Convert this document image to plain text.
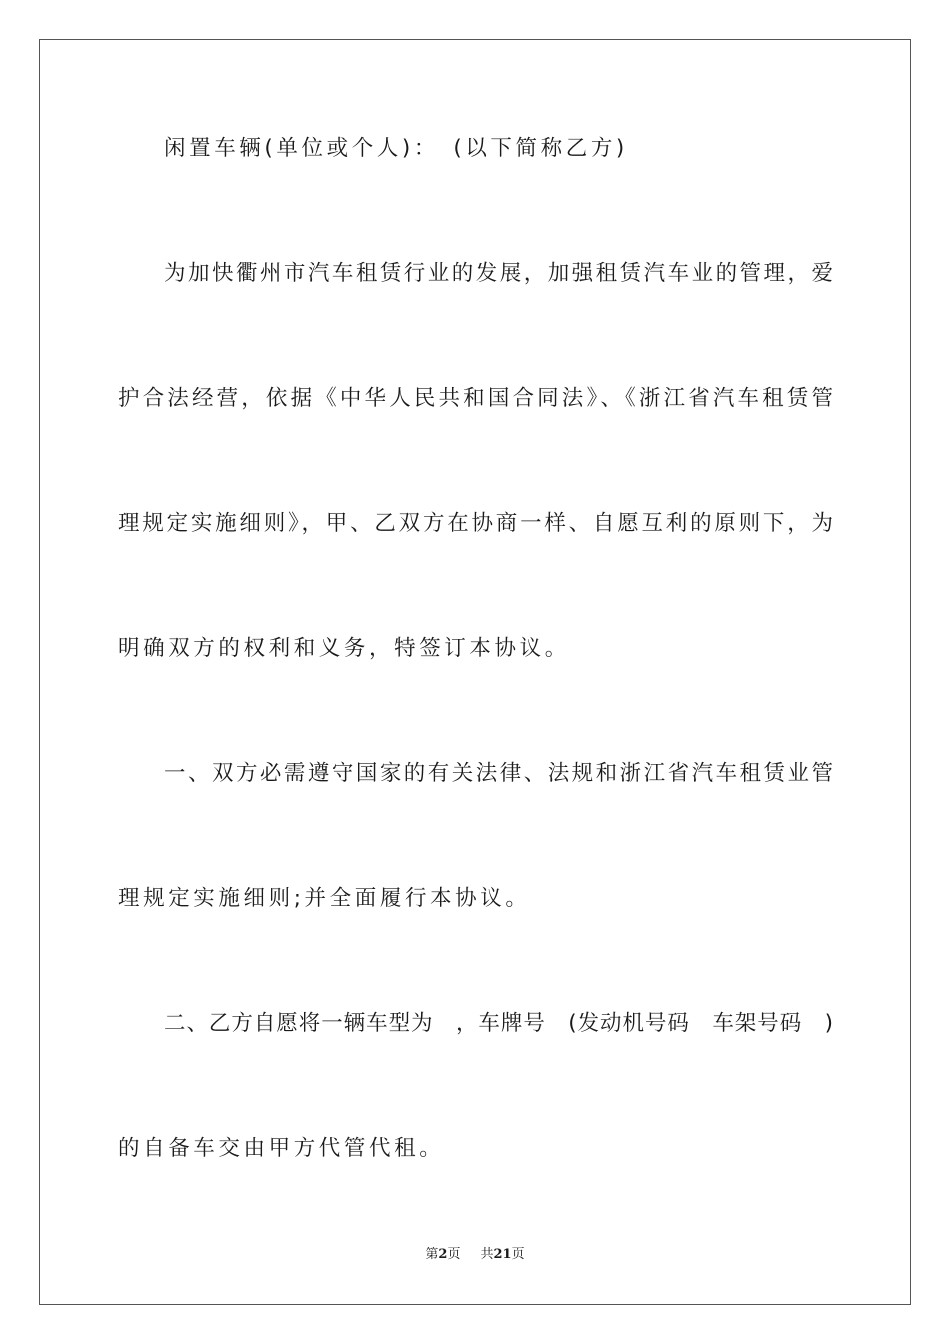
闲置车辆(单位或个人)：　(以下简称乙方)

为加快衢州市汽车租赁行业的发展，加强租赁汽车业的管理，爱

护合法经营，依据《中华人民共和国合同法》、《浙江省汽车租赁管

理规定实施细则》，甲、乙双方在协商一样、自愿互利的原则下，为

明确双方的权利和义务，特签订本协议。

一、双方必需遵守国家的有关法律、法规和浙江省汽车租赁业管

理规定实施细则;并全面履行本协议。

二、乙方自愿将一辆车型为　，车牌号　(发动机号码　车架号码　)

的自备车交由甲方代管代租。

第2页 共21页
